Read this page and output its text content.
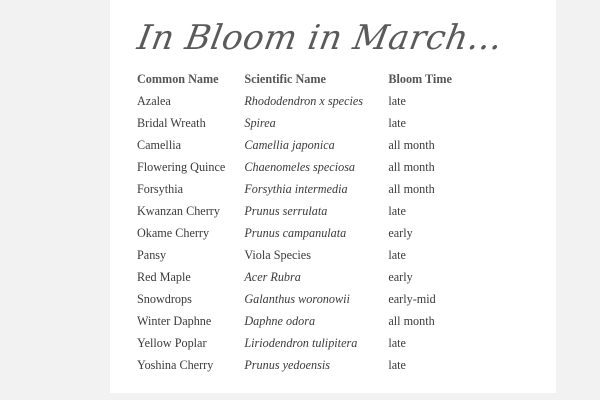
In Bloom in March...
Common Name	Scientific Name	Bloom Time
Azalea	Rhododendron x species	late
Bridal Wreath	Spirea	late
Camellia	Camellia japonica	all month
Flowering Quince	Chaenomeles speciosa	all month
Forsythia	Forsythia intermedia	all month
Kwanzan Cherry	Prunus serrulata	late
Okame Cherry	Prunus campanulata	early
Pansy	Viola Species	late
Red Maple	Acer Rubra	early
Snowdrops	Galanthus woronowii	early-mid
Winter Daphne	Daphne odora	all month
Yellow Poplar	Liriodendron tulipitera	late
Yoshina Cherry	Prunus yedoensis	late
